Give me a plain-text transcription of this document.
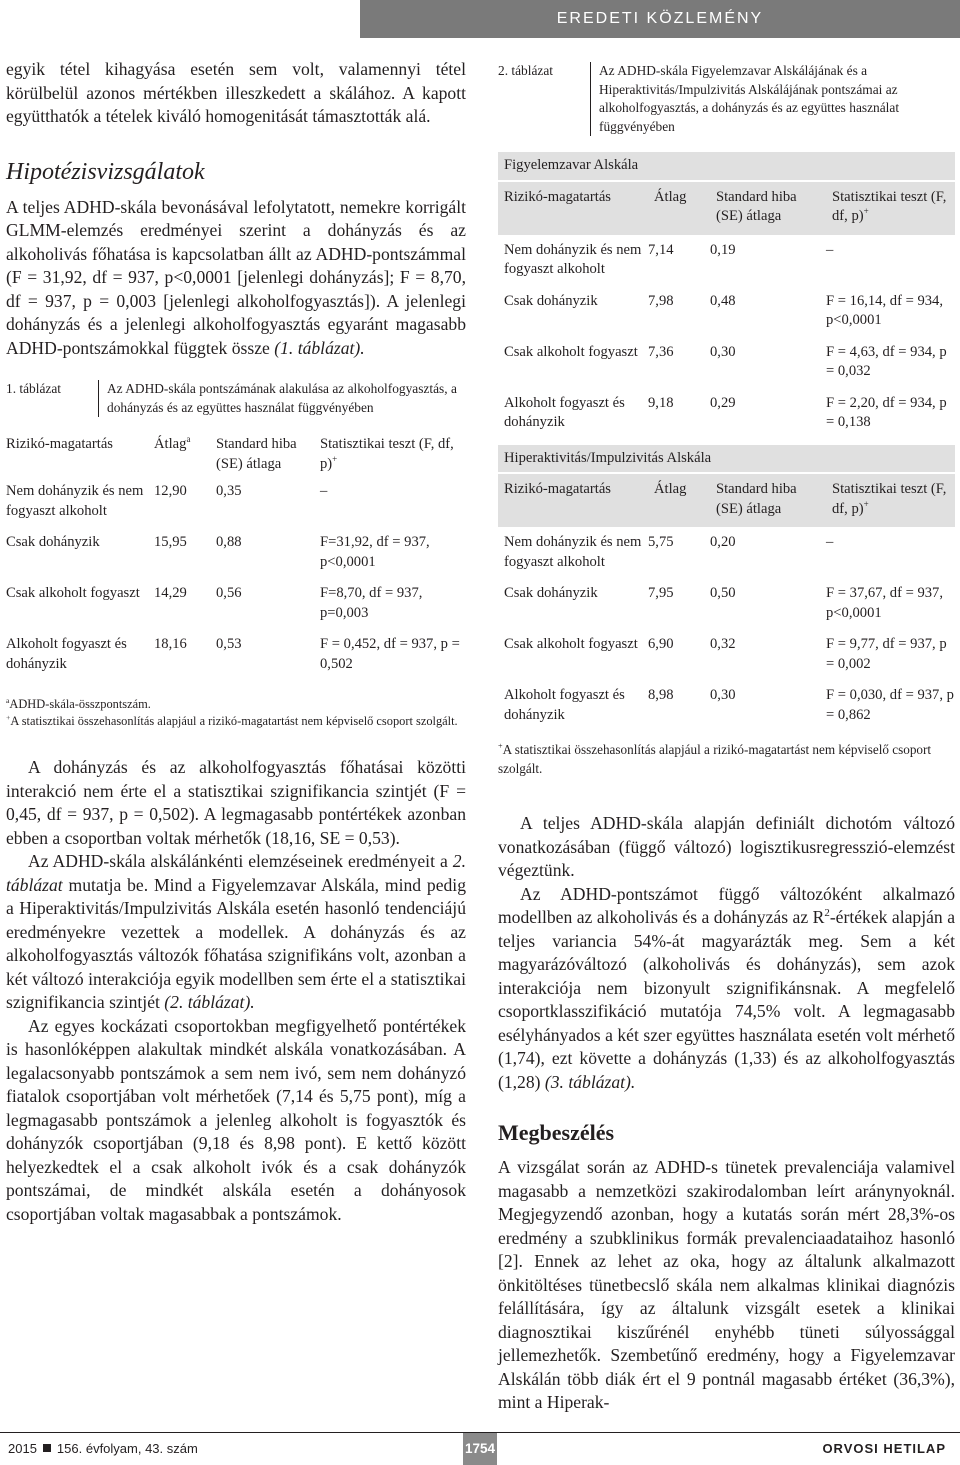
EREDETI KÖZLEMÉNY

egyik tétel kihagyása esetén sem volt, valamennyi tétel körülbelül azonos mértékben illeszkedett a skálához. A kapott együtthatók a tételek kiváló homogenitását támasztották alá.

Hipotézisvizsgálatok

A teljes ADHD-skála bevonásával lefolytatott, nemekre korrigált GLMM-elemzés eredményei szerint a dohányzás és az alkoholivás főhatása is kapcsolatban állt az ADHD-pontszámmal (F = 31,92, df = 937, p<0,0001 [jelenlegi dohányzás]; F = 8,70, df = 937, p = 0,003 [jelenlegi alkoholfogyasztás]). A jelenlegi dohányzás és a jelenlegi alkoholfogyasztás egyaránt magasabb ADHD-pontszámokkal függtek össze (1. táblázat).

1. táblázat	Az ADHD-skála pontszámának alakulása az alkoholfogyasztás, a dohányzás és az együttes használat függvényében
Rizikó-magatartás	Átlag$^a$	Standard hiba (SE) átlaga	Statisztikai teszt (F, df, p)+
Nem dohányzik és nem fogyaszt alkoholt	12,90	0,35	–
Csak dohányzik	15,95	0,88	F=31,92, df = 937, p<0,0001
Csak alkoholt fogyaszt	14,29	0,56	F=8,70, df = 937, p=0,003
Alkoholt fogyaszt és dohányzik	18,16	0,53	F = 0,452, df = 937, p = 0,502

$^a$ADHD-skála-összpontszám.

+A statisztikai összehasonlítás alapjául a rizikó-magatartást nem képviselő csoport szolgált.

A dohányzás és az alkoholfogyasztás főhatásai közötti interakció nem érte el a statisztikai szignifikancia szintjét (F = 0,45, df = 937, p = 0,502). A legmagasabb pontértékek azonban ebben a csoportban voltak mérhetők (18,16, SE = 0,53).

Az ADHD-skála alskálánkénti elemzéseinek eredményeit a 2. táblázat mutatja be. Mind a Figyelemzavar Alskála, mind pedig a Hiperaktivitás/Impulzivitás Alskála esetén hasonló tendenciájú eredményekre vezettek a modellek. A dohányzás és az alkoholfogyasztás változók főhatása szignifikáns volt, azonban a két változó interakciója egyik modellben sem érte el a statisztikai szignifikancia szintjét (2. táblázat).

Az egyes kockázati csoportokban megfigyelhető pontértékek is hasonlóképpen alakultak mindkét alskála vonatkozásában. A legalacsonyabb pontszámok a sem nem ivó, sem nem dohányzó fiatalok csoportjában volt mérhetőek (7,14 és 5,75 pont), míg a legmagasabb pontszámok a jelenleg alkoholt is fogyasztók és dohányzók csoportjában (9,18 és 8,98 pont). E kettő között helyezkedtek el a csak alkoholt ivók és a csak dohányzók pontszámai, de mindkét alskála esetén a dohányosok csoportjában voltak magasabbak a pontszámok.

2. táblázat	Az ADHD-skála Figyelemzavar Alskálájának és a Hiperaktivitás/Impulzivitás Alskálájának pontszámai az alkoholfogyasztás, a dohányzás és az együttes használat függvényében
Figyelemzavar Alskála			
Rizikó-magatartás	Átlag	Standard hiba (SE) átlaga	Statisztikai teszt (F, df, p)+
Nem dohányzik és nem fogyaszt alkoholt	7,14	0,19	–
Csak dohányzik	7,98	0,48	F = 16,14, df = 934, p<0,0001
Csak alkoholt fogyaszt	7,36	0,30	F = 4,63, df = 934, p = 0,032
Alkoholt fogyaszt és dohányzik	9,18	0,29	F = 2,20, df = 934, p = 0,138
Hiperaktivitás/Impulzivitás Alskála			
Rizikó-magatartás	Átlag	Standard hiba (SE) átlaga	Statisztikai teszt (F, df, p)+
Nem dohányzik és nem fogyaszt alkoholt	5,75	0,20	–
Csak dohányzik	7,95	0,50	F = 37,67, df = 937, p<0,0001
Csak alkoholt fogyaszt	6,90	0,32	F = 9,77, df = 937, p = 0,002
Alkoholt fogyaszt és dohányzik	8,98	0,30	F = 0,030, df = 937, p = 0,862

+A statisztikai összehasonlítás alapjául a rizikó-magatartást nem képviselő csoport szolgált.

A teljes ADHD-skála alapján definiált dichotóm változó vonatkozásában (függő változó) logisztikusregresszió-elemzést végeztünk.

Az ADHD-pontszámot függő változóként alkalmazó modellben az alkoholivás és a dohányzás az $R^2$-értékek alapján a teljes variancia 54%-át magyarázták meg. Sem a két magyarázóváltozó (alkoholivás és dohányzás), sem azok interakciója nem bizonyult szignifikánsnak. A megfelelő csoportklasszifikáció mutatója 74,5% volt. A legmagasabb esélyhányados a két szer együttes használata esetén volt mérhető (1,74), ezt követte a dohányzás (1,33) és az alkoholfogyasztás (1,28) (3. táblázat).

Megbeszélés

A vizsgálat során az ADHD-s tünetek prevalenciája valamivel magasabb a nemzetközi szakirodalomban leírt aránynyoknál. Megjegyzendő azonban, hogy a kutatás során mért 28,3%-os eredmény a szubklinikus formák prevalenciaadataihoz hasonló [2]. Ennek az lehet az oka, hogy az általunk alkalmazott önkitöltéses tünetbecslő skála nem alkalmas klinikai diagnózis felállítására, így az általunk vizsgált esetek a klinikai diagnosztikai kiszűrénél enyhébb tüneti súlyossággal jellemezhetők. Szembetűnő eredmény, hogy a Figyelemzavar Alskálán több diák ért el 9 pontnál magasabb értéket (36,3%), mint a Hiperak-

2015 156. évfolyam, 43. szám	1754	ORVOSI HETILAP
